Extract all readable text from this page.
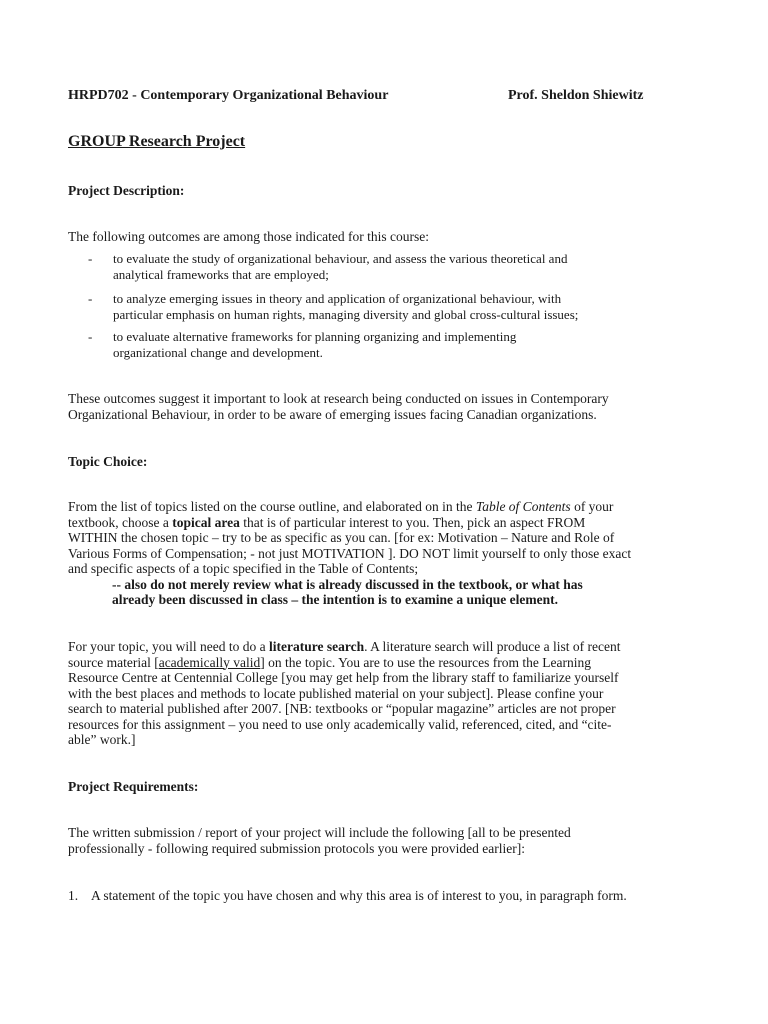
HRPD702 - Contemporary Organizational Behaviour	Prof. Sheldon Shiewitz
GROUP Research Project
Project Description:
The following outcomes are among those indicated for this course:
- to evaluate the study of organizational behaviour, and assess the various theoretical and
analytical frameworks that are employed;
- to analyze emerging issues in theory and application of organizational behaviour, with
particular emphasis on human rights, managing diversity and global cross-cultural issues;
- to evaluate alternative frameworks for planning organizing and implementing
organizational change and development.
These outcomes suggest it important to look at research being conducted on issues in Contemporary
Organizational Behaviour, in order to be aware of emerging issues facing Canadian organizations.
Topic Choice:
From the list of topics listed on the course outline, and elaborated on in the Table of Contents of your
textbook, choose a topical area that is of particular interest to you. Then, pick an aspect FROM
WITHIN the chosen topic – try to be as specific as you can. [for ex: Motivation – Nature and Role of
Various Forms of Compensation; - not just MOTIVATION ]. DO NOT limit yourself to only those exact
and specific aspects of a topic specified in the Table of Contents;
-- also do not merely review what is already discussed in the textbook, or what has
already been discussed in class – the intention is to examine a unique element.
For your topic, you will need to do a literature search. A literature search will produce a list of recent
source material [academically valid] on the topic. You are to use the resources from the Learning
Resource Centre at Centennial College [you may get help from the library staff to familiarize yourself
with the best places and methods to locate published material on your subject]. Please confine your
search to material published after 2007. [NB: textbooks or “popular magazine” articles are not proper
resources for this assignment – you need to use only academically valid, referenced, cited, and “cite-
able” work.]
Project Requirements:
The written submission / report of your project will include the following [all to be presented
professionally - following required submission protocols you were provided earlier]:
1. A statement of the topic you have chosen and why this area is of interest to you, in paragraph form.
